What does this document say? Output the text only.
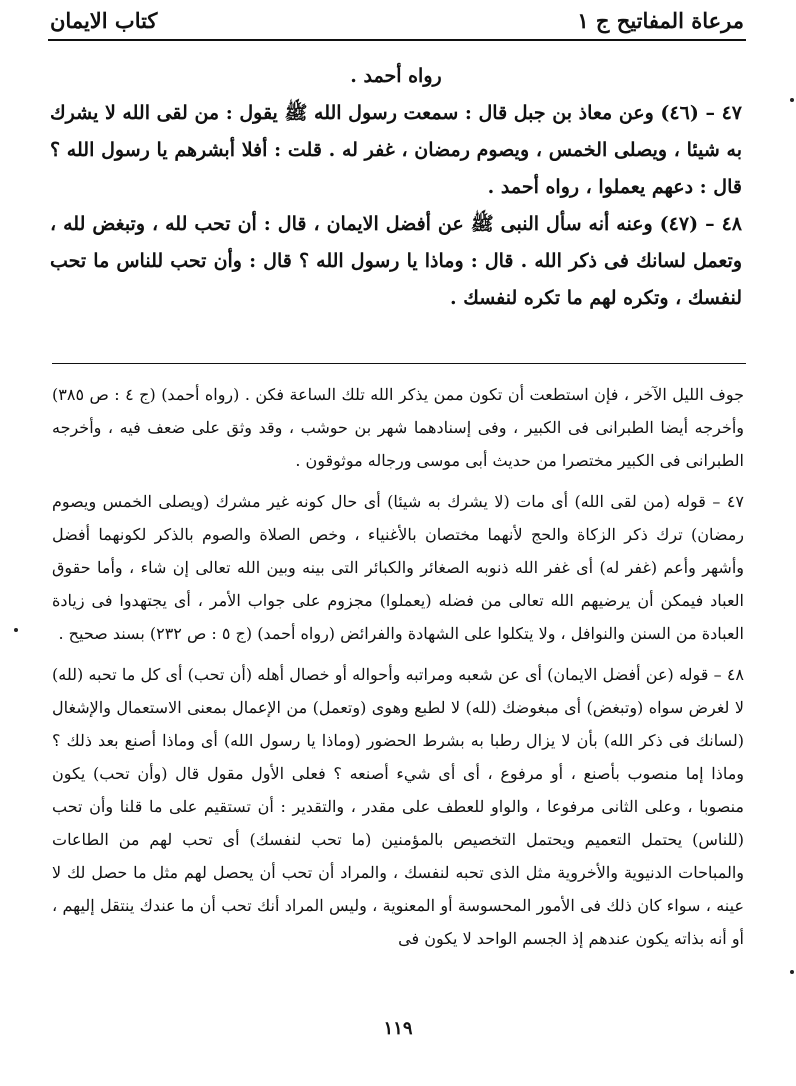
مرعاة المفاتيح ج ١
كتاب الايمان

رواه أحمد .

٤٧ – (٤٦) وعن معاذ بن جبل قال : سمعت رسول الله ﷺ يقول : من لقى الله لا يشرك به شيئا ، ويصلى الخمس ، ويصوم رمضان ، غفر له . قلت : أفلا أبشرهم يا رسول الله ؟ قال : دعهم يعملوا ، رواه أحمد .

٤٨ – (٤٧) وعنه أنه سأل النبى ﷺ عن أفضل الايمان ، قال : أن تحب لله ، وتبغض لله ، وتعمل لسانك فى ذكر الله . قال : وماذا يا رسول الله ؟ قال : وأن تحب للناس ما تحب لنفسك ، وتكره لهم ما تكره لنفسك .

جوف الليل الآخر ، فإن استطعت أن تكون ممن يذكر الله تلك الساعة فكن . (رواه أحمد) (ج ٤ : ص ٣٨٥) وأخرجه أيضا الطبرانى فى الكبير ، وفى إسنادهما شهر بن حوشب ، وقد وثق على ضعف فيه ، وأخرجه الطبرانى فى الكبير مختصرا من حديث أبى موسى ورجاله موثوقون .

٤٧ – قوله (من لقى الله) أى مات (لا يشرك به شيئا) أى حال كونه غير مشرك (ويصلى الخمس ويصوم رمضان) ترك ذكر الزكاة والحج لأنهما مختصان بالأغنياء ، وخص الصلاة والصوم بالذكر لكونهما أفضل وأشهر وأعم (غفر له) أى غفر الله ذنوبه الصغائر والكبائر التى بينه وبين الله تعالى إن شاء ، وأما حقوق العباد فيمكن أن يرضيهم الله تعالى من فضله (يعملوا) مجزوم على جواب الأمر ، أى يجتهدوا فى زيادة العبادة من السنن والنوافل ، ولا يتكلوا على الشهادة والفرائض (رواه أحمد) (ج ٥ : ص ٢٣٢) بسند صحيح .

٤٨ – قوله (عن أفضل الايمان) أى عن شعبه ومراتبه وأحواله أو خصال أهله (أن تحب) أى كل ما تحبه (لله) لا لغرض سواه (وتبغض) أى مبغوضك (لله) لا لطبع وهوى (وتعمل) من الإعمال بمعنى الاستعمال والإشغال (لسانك فى ذكر الله) بأن لا يزال رطبا به بشرط الحضور (وماذا يا رسول الله) أى وماذا أصنع بعد ذلك ؟ وماذا إما منصوب بأصنع ، أو مرفوع ، أى أى شيء أصنعه ؟ فعلى الأول مقول قال (وأن تحب) يكون منصوبا ، وعلى الثانى مرفوعا ، والواو للعطف على مقدر ، والتقدير : أن تستقيم على ما قلنا وأن تحب (للناس) يحتمل التعميم ويحتمل التخصيص بالمؤمنين (ما تحب لنفسك) أى تحب لهم من الطاعات والمباحات الدنيوية والأخروية مثل الذى تحبه لنفسك ، والمراد أن تحب أن يحصل لهم مثل ما حصل لك لا عينه ، سواء كان ذلك فى الأمور المحسوسة أو المعنوية ، وليس المراد أنك تحب أن ما عندك ينتقل إليهم ، أو أنه بذاته يكون عندهم إذ الجسم الواحد لا يكون فى

١١٩
